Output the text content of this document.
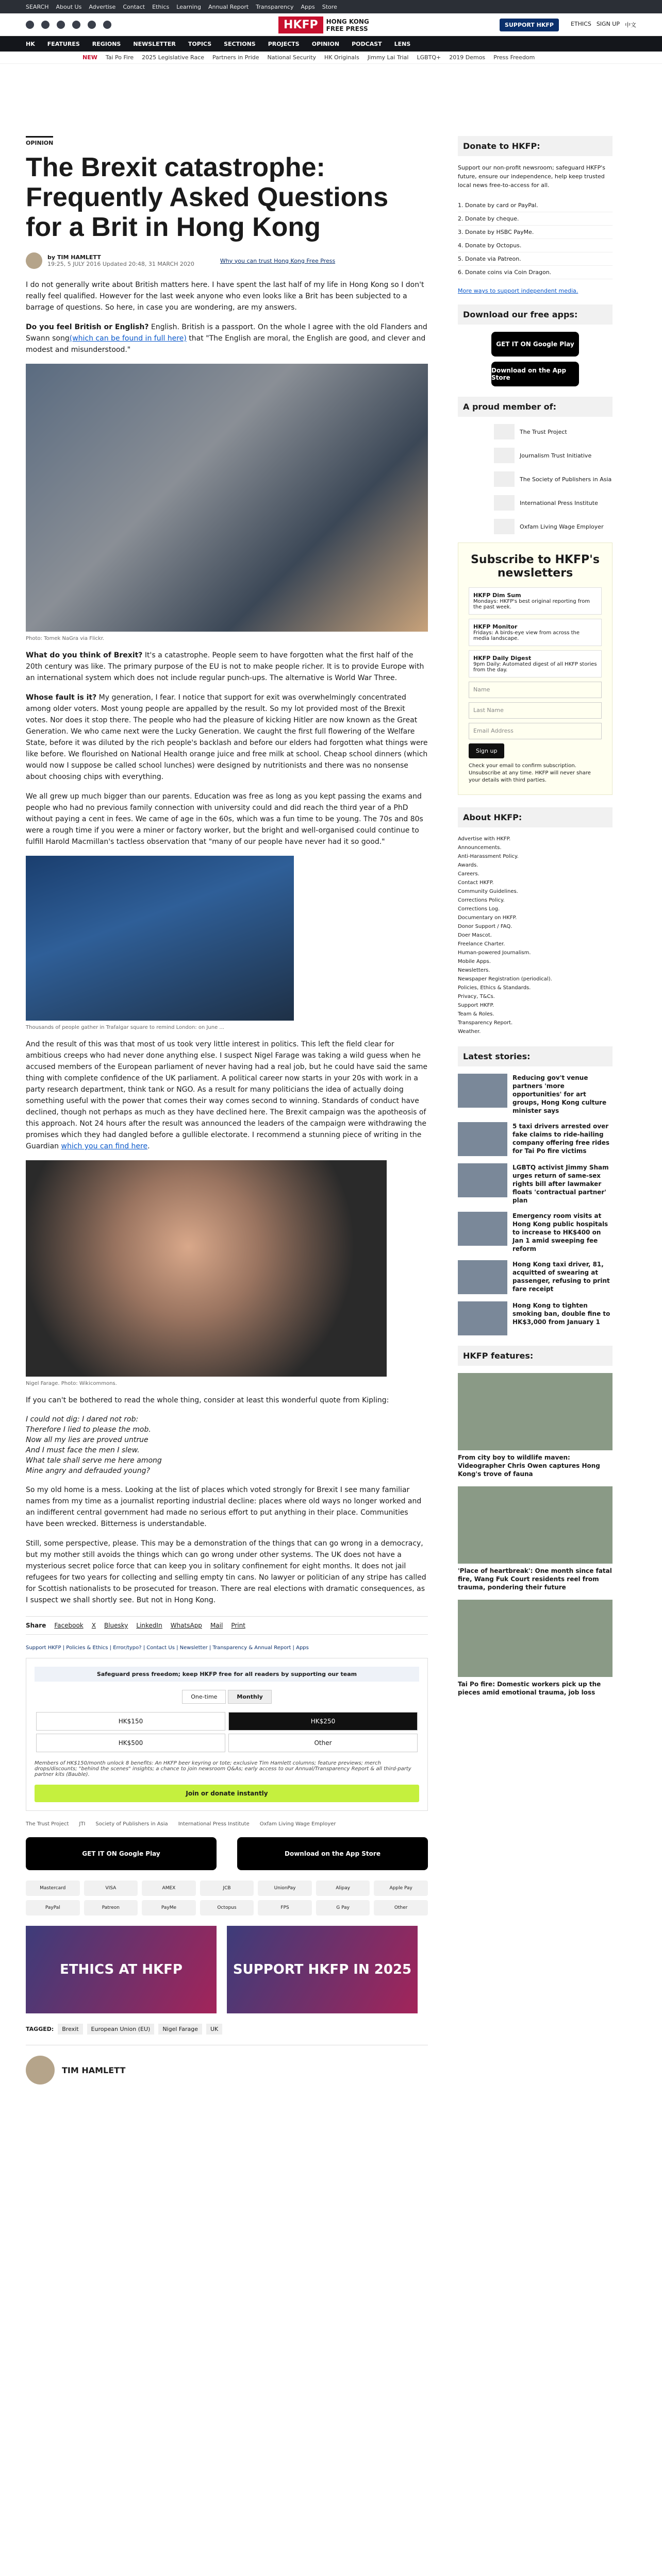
SEARCH About Us Advertise Contact Ethics Learning Annual Report Transparency Apps Store
HKFP	HONG KONG
FREE PRESS	SUPPORT HKFP	ETHICS SIGN UP 中文
HK FEATURES REGIONS NEWSLETTER TOPICS SECTIONS PROJECTS OPINION PODCAST LENS
NEW Tai Po Fire 2025 Legislative Race Partners in Pride National Security HK Originals Jimmy Lai Trial LGBTQ+ 2019 Demos Press Freedom
OPINION
The Brexit catastrophe: Frequently Asked Questions for a Brit in Hong Kong
by TIM HAMLETT
19:25, 5 JULY 2016 Updated 20:48, 31 MARCH 2020	Why you can trust Hong Kong Free Press

I do not generally write about British matters here. I have spent the last half of my life in Hong Kong so I don't really feel qualified. However for the last week anyone who even looks like a Brit has been subjected to a barrage of questions. So here, in case you are wondering, are my answers.

Do you feel British or English? English. British is a passport. On the whole I agree with the old Flanders and Swann song(which can be found in full here) that "The English are moral, the English are good, and clever and modest and misunderstood."

Photo: Tomek NaGra via Flickr.

What do you think of Brexit? It's a catastrophe. People seem to have forgotten what the first half of the 20th century was like. The primary purpose of the EU is not to make people richer. It is to provide Europe with an international system which does not include regular punch-ups. The alternative is World War Three.

Whose fault is it? My generation, I fear. I notice that support for exit was overwhelmingly concentrated among older voters. Most young people are appalled by the result. So my lot provided most of the Brexit votes. Nor does it stop there. The people who had the pleasure of kicking Hitler are now known as the Great Generation. We who came next were the Lucky Generation. We caught the first full flowering of the Welfare State, before it was diluted by the rich people's backlash and before our elders had forgotten what things were like before. We flourished on National Health orange juice and free milk at school. Cheap school dinners (which would now I suppose be called school lunches) were designed by nutritionists and there was no nonsense about choosing chips with everything.

We all grew up much bigger than our parents. Education was free as long as you kept passing the exams and people who had no previous family connection with university could and did reach the third year of a PhD without paying a cent in fees. We came of age in the 60s, which was a fun time to be young. The 70s and 80s were a rough time if you were a miner or factory worker, but the bright and well-organised could continue to fulfill Harold Macmillan's tactless observation that "many of our people have never had it so good."

Thousands of people gather in Trafalgar square to remind London: on June ...

And the result of this was that most of us took very little interest in politics. This left the field clear for ambitious creeps who had never done anything else. I suspect Nigel Farage was taking a wild guess when he accused members of the European parliament of never having had a real job, but he could have said the same thing with complete confidence of the UK parliament. A political career now starts in your 20s with work in a party research department, think tank or NGO. As a result for many politicians the idea of actually doing something useful with the power that comes their way comes second to winning. Standards of conduct have declined, though not perhaps as much as they have declined here. The Brexit campaign was the apotheosis of this approach. Not 24 hours after the result was announced the leaders of the campaign were withdrawing the promises which they had dangled before a gullible electorate. I recommend a stunning piece of writing in the Guardian which you can find here.

Nigel Farage. Photo: Wikicommons.

If you can't be bothered to read the whole thing, consider at least this wonderful quote from Kipling:

I could not dig: I dared not rob:
Therefore I lied to please the mob.
Now all my lies are proved untrue
And I must face the men I slew.
What tale shall serve me here among
Mine angry and defrauded young?

So my old home is a mess. Looking at the list of places which voted strongly for Brexit I see many familiar names from my time as a journalist reporting industrial decline: places where old ways no longer worked and an indifferent central government had made no serious effort to put anything in their place. Communities have been wrecked. Bitterness is understandable.

Still, some perspective, please. This may be a demonstration of the things that can go wrong in a democracy, but my mother still avoids the things which can go wrong under other systems. The UK does not have a mysterious secret police force that can keep you in solitary confinement for eight months. It does not jail refugees for two years for collecting and selling empty tin cans. No lawyer or politician of any stripe has called for Scottish nationalists to be prosecuted for treason. There are real elections with dramatic consequences, as I suspect we shall shortly see. But not in Hong Kong.

Share Facebook X Bluesky LinkedIn WhatsApp Mail Print
Support HKFP | Policies & Ethics | Error/typo? | Contact Us | Newsletter | Transparency & Annual Report | Apps
Safeguard press freedom; keep HKFP free for all readers by supporting our team
One-time	Monthly
HK$150	HK$250
HK$500	Other
Members of HK$150/month unlock 8 benefits: An HKFP beer keyring or tote; exclusive Tim Hamlett columns; feature previews; merch drops/discounts; "behind the scenes" insights; a chance to join newsroom Q&As; early access to our Annual/Transparency Report & all third-party partner kits (Bauble).
Join or donate instantly
The Trust Project JTI Society of Publishers in Asia International Press Institute Oxfam Living Wage Employer
GET IT ON Google Play	Download on the App Store
Mastercard	VISA	AMEX	JCB	UnionPay	Alipay	Apple Pay
PayPal	Patreon	PayMe	Octopus	FPS	G Pay	Other
ETHICS AT HKFP	SUPPORT HKFP IN 2025
TAGGED:	Brexit	European Union (EU)	Nigel Farage	UK
TIM HAMLETT
Donate to HKFP:
Support our non-profit newsroom; safeguard HKFP's future, ensure our independence, help keep trusted local news free-to-access for all.
1. Donate by card or PayPal.
2. Donate by cheque.
3. Donate by HSBC PayMe.
4. Donate by Octopus.
5. Donate via Patreon.
6. Donate coins via Coin Dragon.
More ways to support independent media.
Download our free apps:
GET IT ON Google Play
Download on the App Store
A proud member of:
The Trust Project
Journalism Trust Initiative
The Society of Publishers in Asia
International Press Institute
Oxfam Living Wage Employer
Subscribe to HKFP's newsletters
HKFP Dim Sum
Mondays: HKFP's best original reporting from the past week.
HKFP Monitor
Fridays: A birds-eye view from across the media landscape.
HKFP Daily Digest
9pm Daily: Automated digest of all HKFP stories from the day.
Name
Last Name
Email Address
Sign up
Check your email to confirm subscription. Unsubscribe at any time. HKFP will never share your details with third parties.
About HKFP:
Advertise with HKFP.
Announcements.
Anti-Harassment Policy.
Awards.
Careers.
Contact HKFP.
Community Guidelines.
Corrections Policy.
Corrections Log.
Documentary on HKFP.
Donor Support / FAQ.
Doer Mascot.
Freelance Charter.
Human-powered Journalism.
Mobile Apps.
Newsletters.
Newspaper Registration (periodical).
Policies, Ethics & Standards.
Privacy, T&Cs.
Support HKFP.
Team & Roles.
Transparency Report.
Weather.
Latest stories:
Reducing gov't venue partners 'more opportunities' for art groups, Hong Kong culture minister says
5 taxi drivers arrested over fake claims to ride-hailing company offering free rides for Tai Po fire victims
LGBTQ activist Jimmy Sham urges return of same-sex rights bill after lawmaker floats 'contractual partner' plan
Emergency room visits at Hong Kong public hospitals to increase to HK$400 on Jan 1 amid sweeping fee reform
Hong Kong taxi driver, 81, acquitted of swearing at passenger, refusing to print fare receipt
Hong Kong to tighten smoking ban, double fine to HK$3,000 from January 1
HKFP features:
From city boy to wildlife maven: Videographer Chris Owen captures Hong Kong's trove of fauna
'Place of heartbreak': One month since fatal fire, Wang Fuk Court residents reel from trauma, pondering their future
Tai Po fire: Domestic workers pick up the pieces amid emotional trauma, job loss
